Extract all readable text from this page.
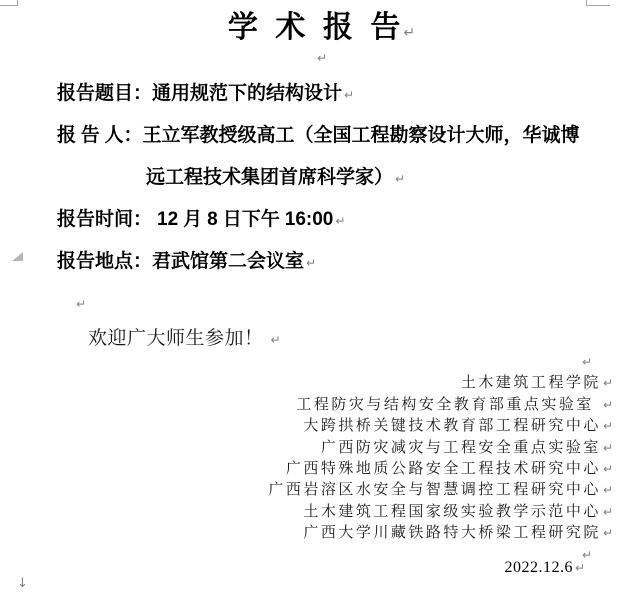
学 术 报 告 ↵
↵
报告题目：通用规范下的结构设计 ↵
报 告 人：王立军教授级高工（全国工程勘察设计大师，华诚博
远工程技术集团首席科学家） ↵
报告时间： 12 月 8 日下午 16:00 ↵
报告地点：君武馆第二会议室 ↵
↵
欢迎广大师生参加！ ↵
↵
土木建筑工程学院 ↵
工程防灾与结构安全教育部重点实验室 ↵
大跨拱桥关键技术教育部工程研究中心 ↵
广西防灾减灾与工程安全重点实验室 ↵
广西特殊地质公路安全工程技术研究中心 ↵
广西岩溶区水安全与智慧调控工程研究中心 ↵
土木建筑工程国家级实验教学示范中心 ↵
广西大学川藏铁路特大桥梁工程研究院 ↵
↵
2022.12.6 ↵
↓
